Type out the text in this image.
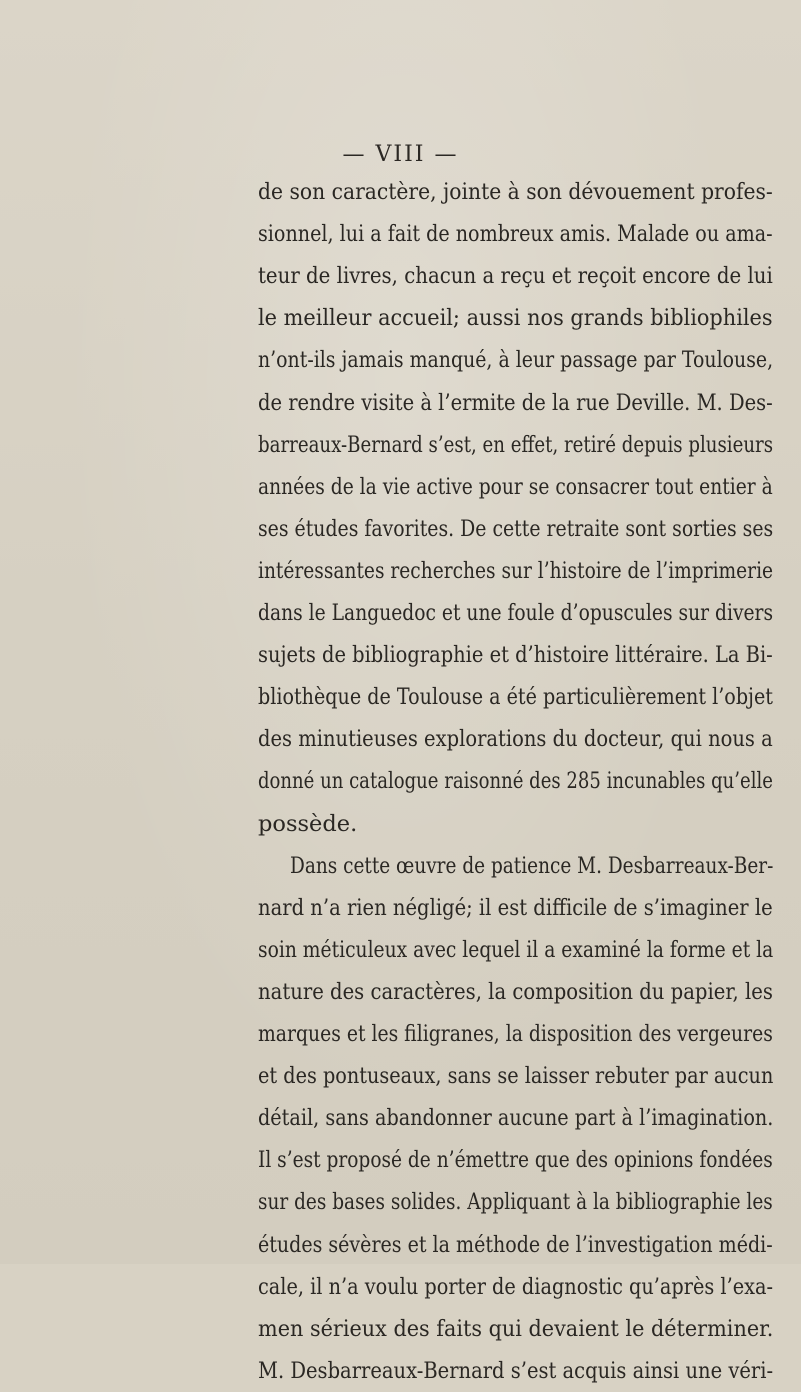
— VIII —
de son caractère, jointe à son dévouement profes-
sionnel, lui a fait de nombreux amis. Malade ou ama-
teur de livres, chacun a reçu et reçoit encore de lui
le meilleur accueil; aussi nos grands bibliophiles
n’ont-ils jamais manqué, à leur passage par Toulouse,
de rendre visite à l’ermite de la rue Deville. M. Des-
barreaux-Bernard s’est, en effet, retiré depuis plusieurs
années de la vie active pour se consacrer tout entier à
ses études favorites. De cette retraite sont sorties ses
intéressantes recherches sur l’histoire de l’imprimerie
dans le Languedoc et une foule d’opuscules sur divers
sujets de bibliographie et d’histoire littéraire. La Bi-
bliothèque de Toulouse a été particulièrement l’objet
des minutieuses explorations du docteur, qui nous a
donné un catalogue raisonné des 285 incunables qu’elle
possède.
Dans cette œuvre de patience M. Desbarreaux-Ber-
nard n’a rien négligé; il est difficile de s’imaginer le
soin méticuleux avec lequel il a examiné la forme et la
nature des caractères, la composition du papier, les
marques et les filigranes, la disposition des vergeures
et des pontuseaux, sans se laisser rebuter par aucun
détail, sans abandonner aucune part à l’imagination.
Il s’est proposé de n’émettre que des opinions fondées
sur des bases solides. Appliquant à la bibliographie les
études sévères et la méthode de l’investigation médi-
cale, il n’a voulu porter de diagnostic qu’après l’exa-
men sérieux des faits qui devaient le déterminer.
M. Desbarreaux-Bernard s’est acquis ainsi une véri-
